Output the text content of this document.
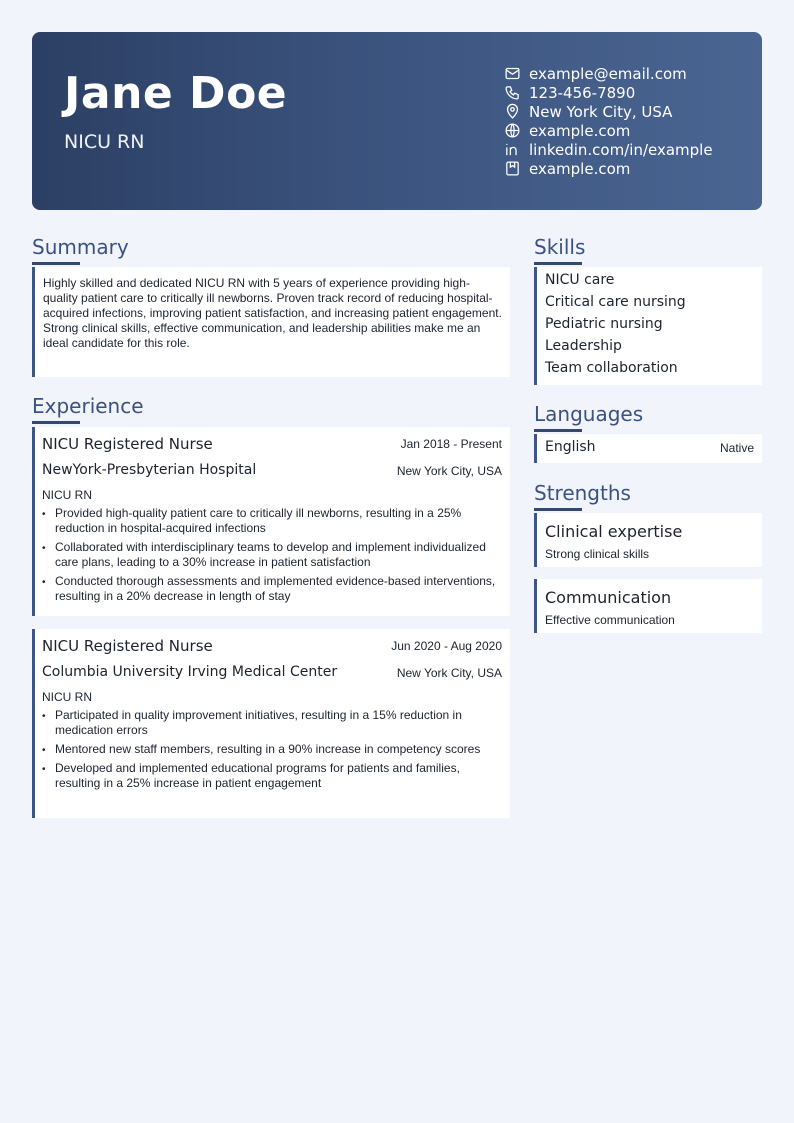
Jane Doe
NICU RN
example@email.com
123-456-7890
New York City, USA
example.com
linkedin.com/in/example
example.com
Summary
Highly skilled and dedicated NICU RN with 5 years of experience providing high-quality patient care to critically ill newborns. Proven track record of reducing hospital-acquired infections, improving patient satisfaction, and increasing patient engagement. Strong clinical skills, effective communication, and leadership abilities make me an ideal candidate for this role.
Experience
NICU Registered Nurse	Jan 2018 - Present
NewYork-Presbyterian Hospital	New York City, USA
NICU RN
• Provided high-quality patient care to critically ill newborns, resulting in a 25% reduction in hospital-acquired infections
• Collaborated with interdisciplinary teams to develop and implement individualized care plans, leading to a 30% increase in patient satisfaction
• Conducted thorough assessments and implemented evidence-based interventions, resulting in a 20% decrease in length of stay
NICU Registered Nurse	Jun 2020 - Aug 2020
Columbia University Irving Medical Center	New York City, USA
NICU RN
• Participated in quality improvement initiatives, resulting in a 15% reduction in medication errors
• Mentored new staff members, resulting in a 90% increase in competency scores
• Developed and implemented educational programs for patients and families, resulting in a 25% increase in patient engagement
Skills
NICU care
Critical care nursing
Pediatric nursing
Leadership
Team collaboration
Languages
English	Native
Strengths
Clinical expertise
Strong clinical skills
Communication
Effective communication
